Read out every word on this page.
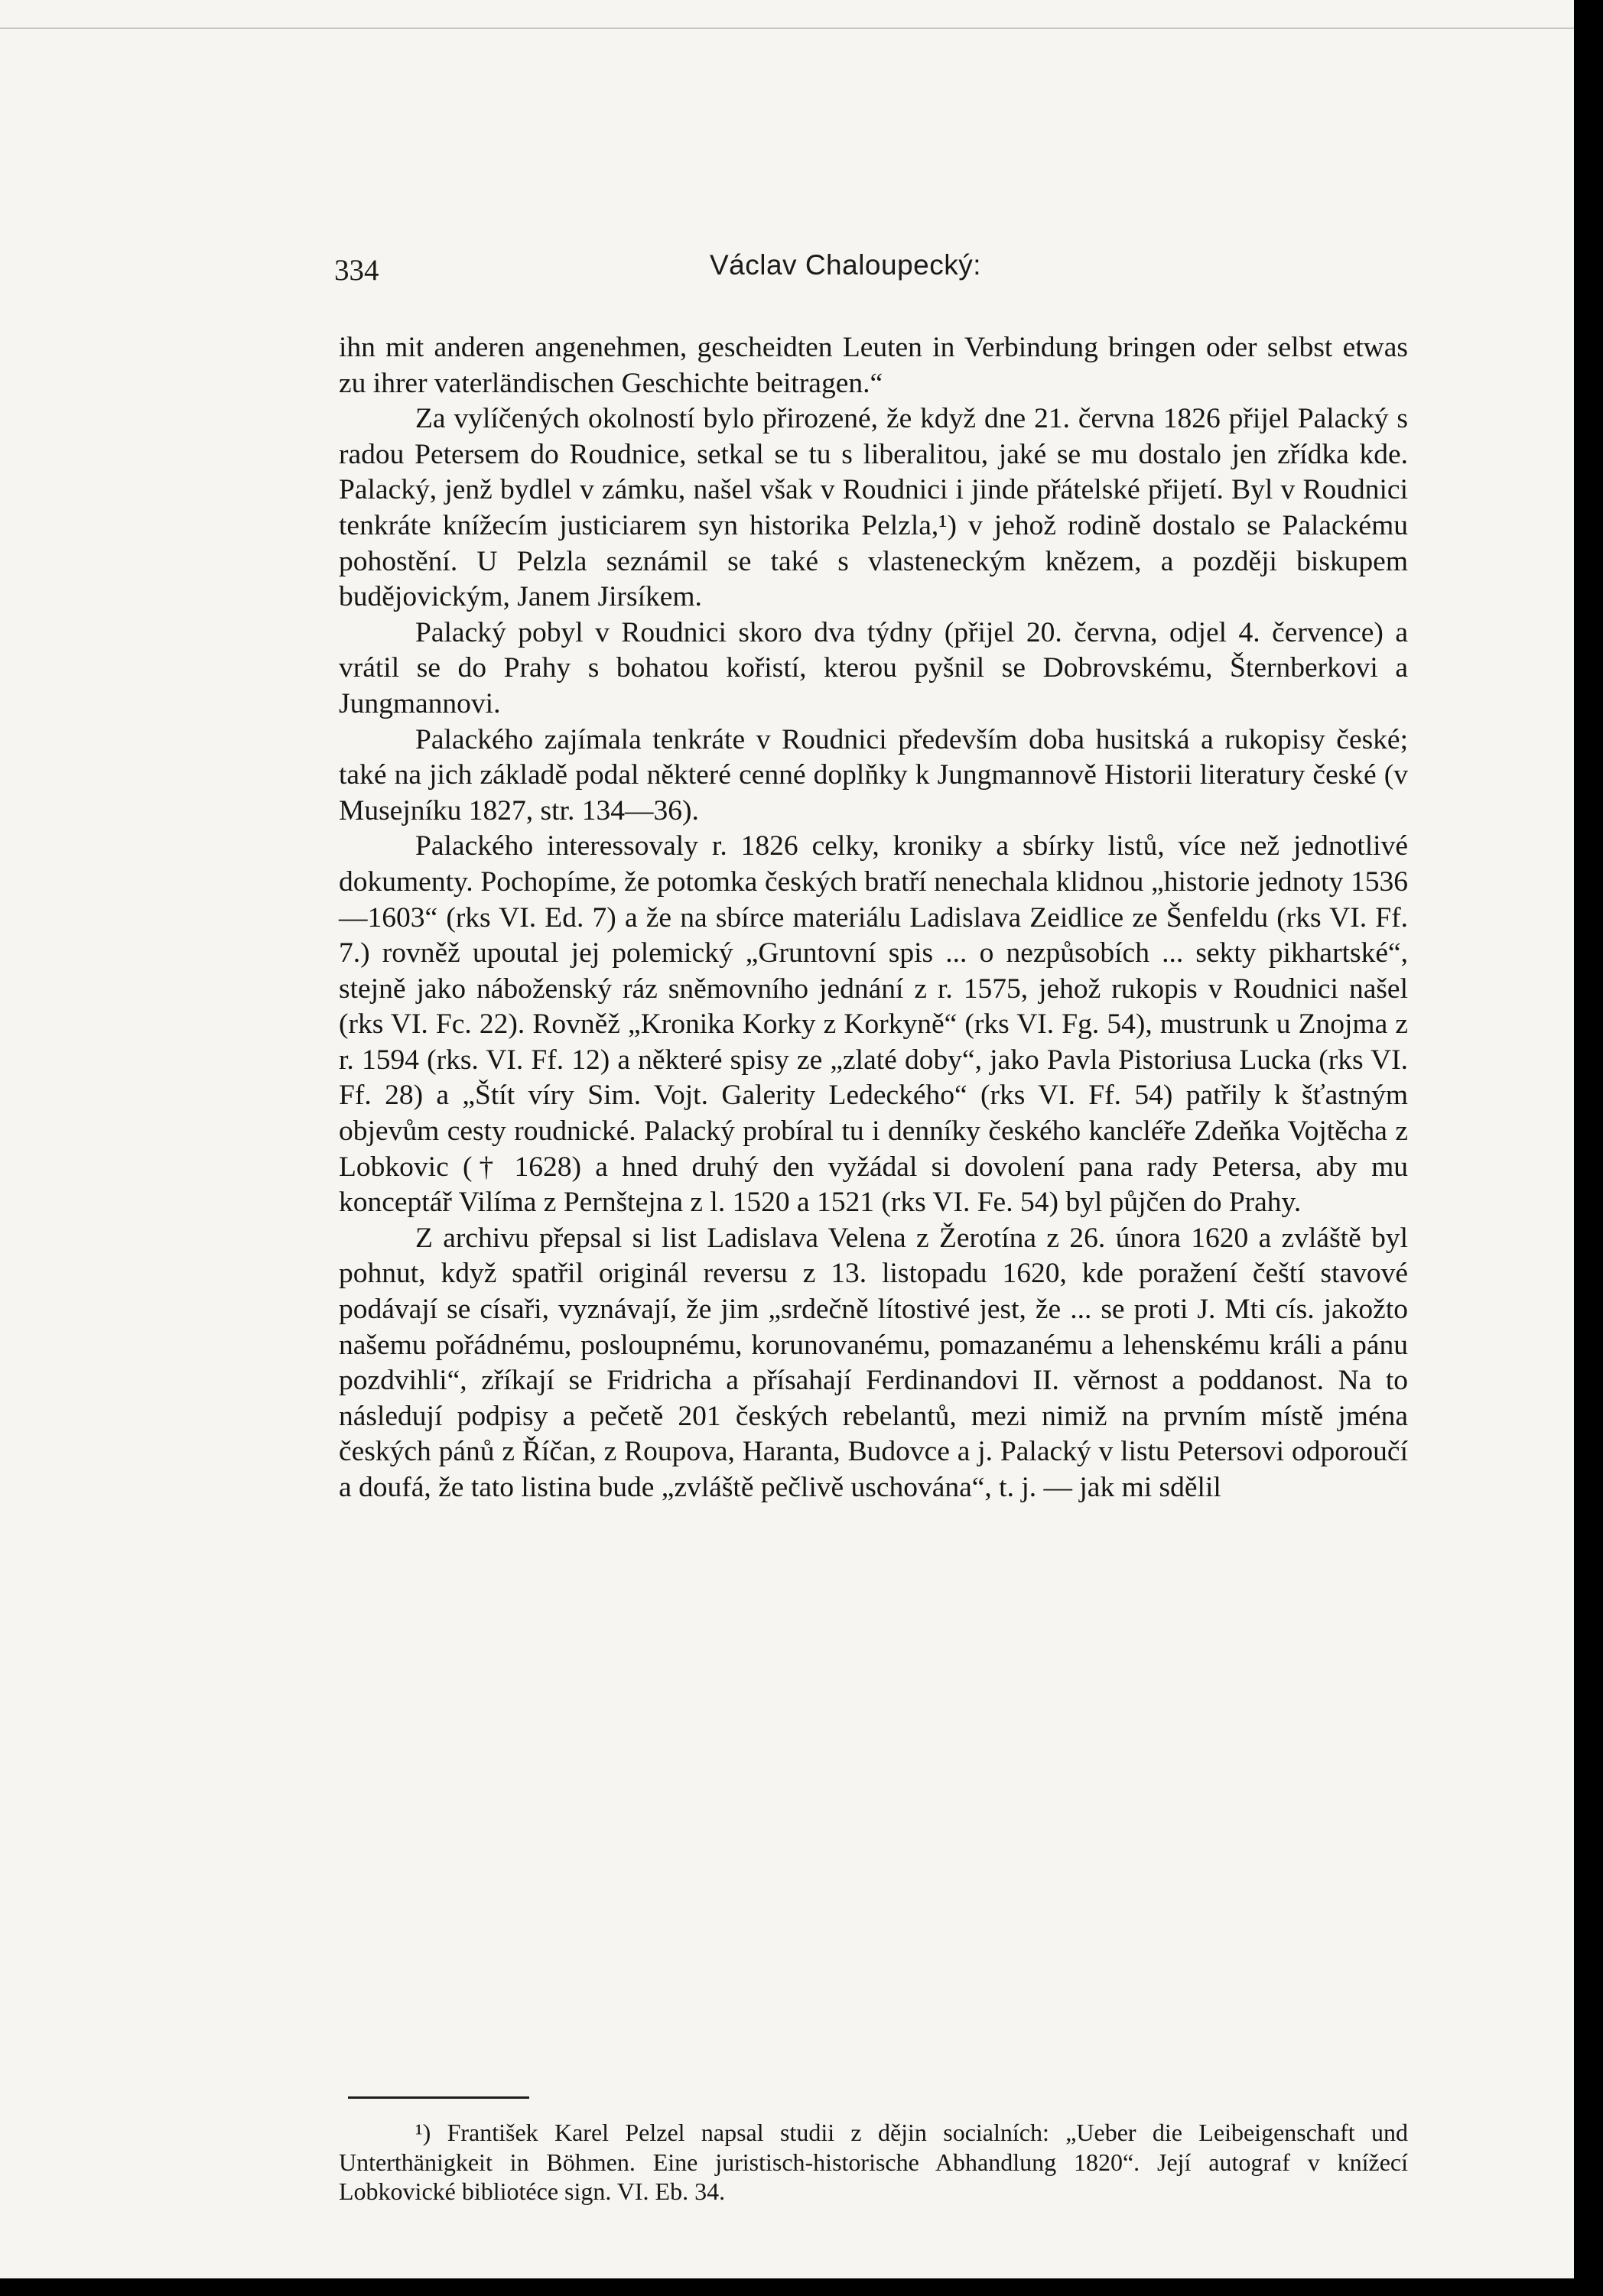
334	Václav Chaloupecký:

ihn mit anderen angenehmen, gescheidten Leuten in Verbindung bringen oder selbst etwas zu ihrer vaterländischen Geschichte beitragen.“

Za vylíčených okolností bylo přirozené, že když dne 21. června 1826 přijel Palacký s radou Petersem do Roudnice, setkal se tu s liberalitou, jaké se mu dostalo jen zřídka kde. Palacký, jenž bydlel v zámku, našel však v Roudnici i jinde přátelské přijetí. Byl v Roudnici tenkráte knížecím justiciarem syn historika Pelzla,¹) v jehož rodině dostalo se Palackému pohostění. U Pelzla seznámil se také s vlasteneckým knězem, a později biskupem budějovickým, Janem Jirsíkem.

Palacký pobyl v Roudnici skoro dva týdny (přijel 20. června, odjel 4. července) a vrátil se do Prahy s bohatou kořistí, kterou pyšnil se Dobrovskému, Šternberkovi a Jungmannovi.

Palackého zajímala tenkráte v Roudnici především doba husitská a rukopisy české; také na jich základě podal některé cenné doplňky k Jungmannově Historii literatury české (v Musejníku 1827, str. 134—36).

Palackého interessovaly r. 1826 celky, kroniky a sbírky listů, více než jednotlivé dokumenty. Pochopíme, že potomka českých bratří nenechala klidnou „historie jednoty 1536—1603“ (rks VI. Ed. 7) a že na sbírce materiálu Ladislava Zeidlice ze Šenfeldu (rks VI. Ff. 7.) rovněž upoutal jej polemický „Gruntovní spis ... o nezpůsobích ... sekty pikhartské“, stejně jako náboženský ráz sněmovního jednání z r. 1575, jehož rukopis v Roudnici našel (rks VI. Fc. 22). Rovněž „Kronika Korky z Korkyně“ (rks VI. Fg. 54), mustrunk u Znojma z r. 1594 (rks. VI. Ff. 12) a některé spisy ze „zlaté doby“, jako Pavla Pistoriusa Lucka (rks VI. Ff. 28) a „Štít víry Sim. Vojt. Galerity Ledeckého“ (rks VI. Ff. 54) patřily k šťastným objevům cesty roudnické. Palacký probíral tu i denníky českého kancléře Zdeňka Vojtěcha z Lobkovic († 1628) a hned druhý den vyžádal si dovolení pana rady Petersa, aby mu konceptář Vilíma z Pernštejna z l. 1520 a 1521 (rks VI. Fe. 54) byl půjčen do Prahy.

Z archivu přepsal si list Ladislava Velena z Žerotína z 26. února 1620 a zvláště byl pohnut, když spatřil originál reversu z 13. listopadu 1620, kde poražení čeští stavové podávají se císaři, vyznávají, že jim „srdečně lítostivé jest, že ... se proti J. Mti cís. jakožto našemu pořádnému, posloupnému, korunovanému, pomazanému a lehenskému králi a pánu pozdvihli“, zříkají se Fridricha a přísahají Ferdinandovi II. věrnost a poddanost. Na to následují podpisy a pečetě 201 českých rebelantů, mezi nimiž na prvním místě jména českých pánů z Říčan, z Roupova, Haranta, Budovce a j. Palacký v listu Petersovi odporoučí a doufá, že tato listina bude „zvláště pečlivě uschována“, t. j. — jak mi sdělil

¹) František Karel Pelzel napsal studii z dějin socialních: „Ueber die Leibeigenschaft und Unterthänigkeit in Böhmen. Eine juristisch-historische Abhandlung 1820“. Její autograf v knížecí Lobkovické bibliotéce sign. VI. Eb. 34.
